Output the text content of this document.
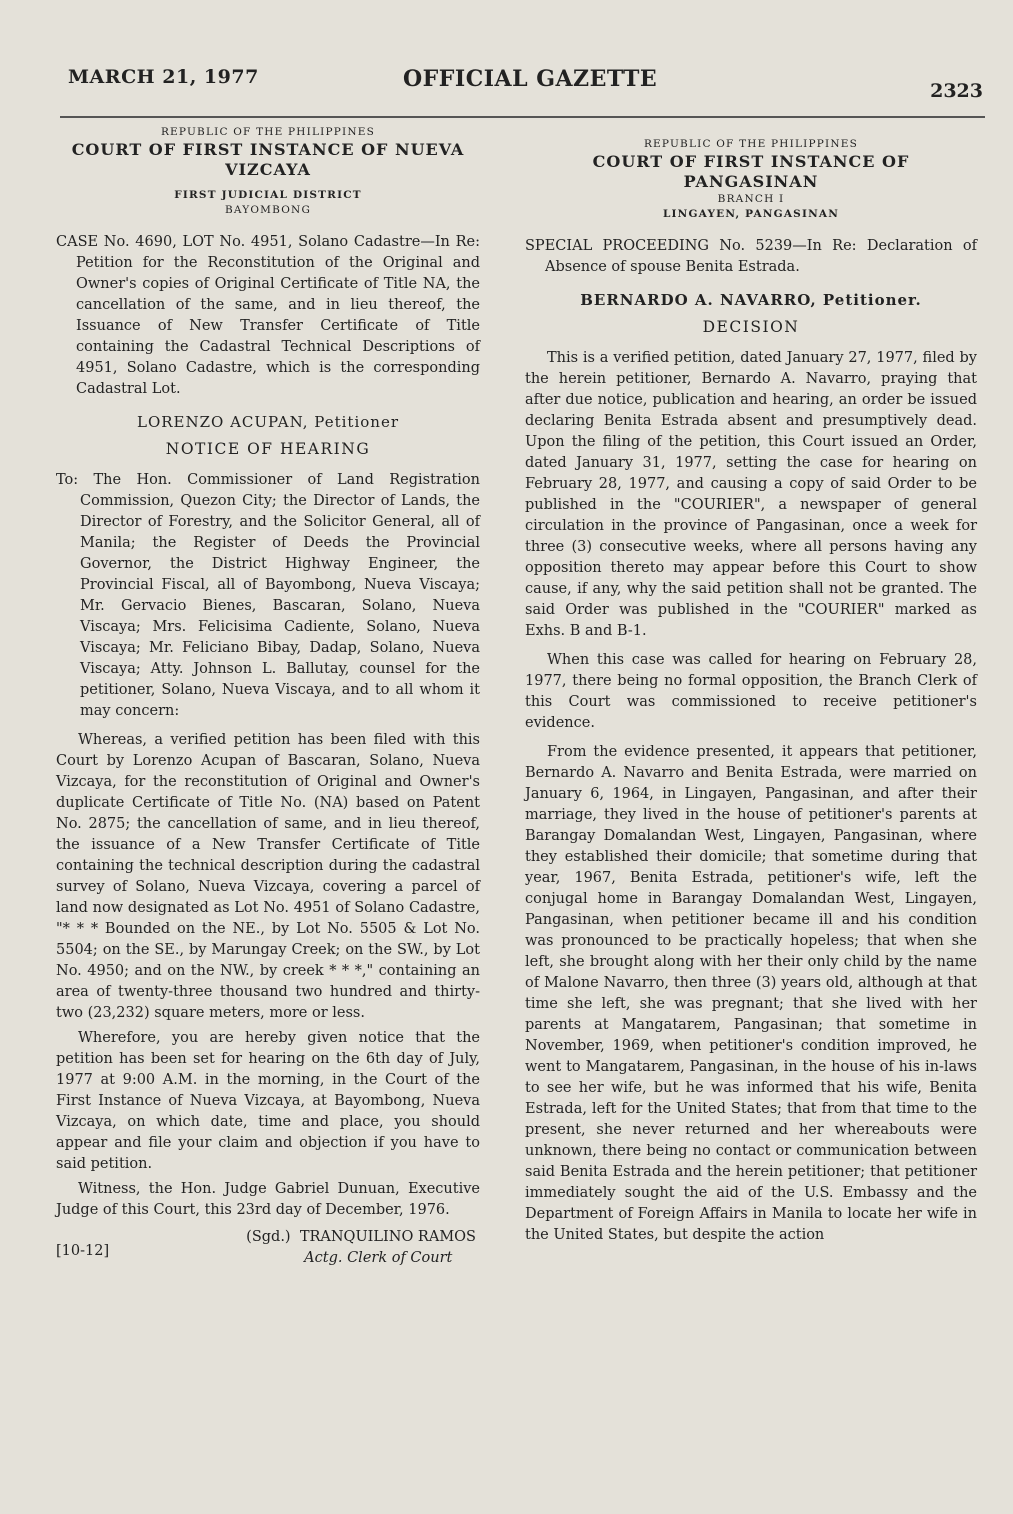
MARCH 21, 1977	OFFICIAL GAZETTE	2323
REPUBLIC OF THE PHILIPPINES
COURT OF FIRST INSTANCE OF NUEVA VIZCAYA
FIRST JUDICIAL DISTRICT
BAYOMBONG

CASE No. 4690, LOT No. 4951, Solano Cadastre—In Re: Petition for the Reconstitution of the Original and Owner's copies of Original Certificate of Title NA, the cancellation of the same, and in lieu thereof, the Issuance of New Transfer Certificate of Title containing the Cadastral Technical Descriptions of 4951, Solano Cadastre, which is the corresponding Cadastral Lot.

LORENZO ACUPAN, Petitioner
NOTICE OF HEARING

To: The Hon. Commissioner of Land Registration Commission, Quezon City; the Director of Lands, the Director of Forestry, and the Solicitor General, all of Manila; the Register of Deeds the Provincial Governor, the District Highway Engineer, the Provincial Fiscal, all of Bayombong, Nueva Viscaya; Mr. Gervacio Bienes, Bascaran, Solano, Nueva Viscaya; Mrs. Felicisima Cadiente, Solano, Nueva Viscaya; Mr. Feliciano Bibay, Dadap, Solano, Nueva Viscaya; Atty. Johnson L. Ballutay, counsel for the petitioner, Solano, Nueva Viscaya, and to all whom it may concern:

Whereas, a verified petition has been filed with this Court by Lorenzo Acupan of Bascaran, Solano, Nueva Vizcaya, for the reconstitution of Original and Owner's duplicate Certificate of Title No. (NA) based on Patent No. 2875; the cancellation of same, and in lieu thereof, the issuance of a New Transfer Certificate of Title containing the technical description during the cadastral survey of Solano, Nueva Vizcaya, covering a parcel of land now designated as Lot No. 4951 of Solano Cadastre, "* * * Bounded on the NE., by Lot No. 5505 & Lot No. 5504; on the SE., by Marungay Creek; on the SW., by Lot No. 4950; and on the NW., by creek * * *," containing an area of twenty-three thousand two hundred and thirty-two (23,232) square meters, more or less.

Wherefore, you are hereby given notice that the petition has been set for hearing on the 6th day of July, 1977 at 9:00 A.M. in the morning, in the Court of the First Instance of Nueva Vizcaya, at Bayombong, Nueva Vizcaya, on which date, time and place, you should appear and file your claim and objection if you have to said petition.

Witness, the Hon. Judge Gabriel Dunuan, Executive Judge of this Court, this 23rd day of December, 1976.

[10-12]
(Sgd.) TRANQUILINO RAMOS
Actg. Clerk of Court
REPUBLIC OF THE PHILIPPINES
COURT OF FIRST INSTANCE OF PANGASINAN
BRANCH I
LINGAYEN, PANGASINAN

SPECIAL PROCEEDING No. 5239—In Re: Declaration of Absence of spouse Benita Estrada.

BERNARDO A. NAVARRO, Petitioner.
DECISION

This is a verified petition, dated January 27, 1977, filed by the herein petitioner, Bernardo A. Navarro, praying that after due notice, publication and hearing, an order be issued declaring Benita Estrada absent and presumptively dead. Upon the filing of the petition, this Court issued an Order, dated January 31, 1977, setting the case for hearing on February 28, 1977, and causing a copy of said Order to be published in the "COURIER", a newspaper of general circulation in the province of Pangasinan, once a week for three (3) consecutive weeks, where all persons having any opposition thereto may appear before this Court to show cause, if any, why the said petition shall not be granted. The said Order was published in the "COURIER" marked as Exhs. B and B-1.

When this case was called for hearing on February 28, 1977, there being no formal opposition, the Branch Clerk of this Court was commissioned to receive petitioner's evidence.

From the evidence presented, it appears that petitioner, Bernardo A. Navarro and Benita Estrada, were married on January 6, 1964, in Lingayen, Pangasinan, and after their marriage, they lived in the house of petitioner's parents at Barangay Domalandan West, Lingayen, Pangasinan, where they established their domicile; that sometime during that year, 1967, Benita Estrada, petitioner's wife, left the conjugal home in Barangay Domalandan West, Lingayen, Pangasinan, when petitioner became ill and his condition was pronounced to be practically hopeless; that when she left, she brought along with her their only child by the name of Malone Navarro, then three (3) years old, although at that time she left, she was pregnant; that she lived with her parents at Mangatarem, Pangasinan; that sometime in November, 1969, when petitioner's condition improved, he went to Mangatarem, Pangasinan, in the house of his in-laws to see her wife, but he was informed that his wife, Benita Estrada, left for the United States; that from that time to the present, she never returned and her whereabouts were unknown, there being no contact or communication between said Benita Estrada and the herein petitioner; that petitioner immediately sought the aid of the U.S. Embassy and the Department of Foreign Affairs in Manila to locate her wife in the United States, but despite the action
